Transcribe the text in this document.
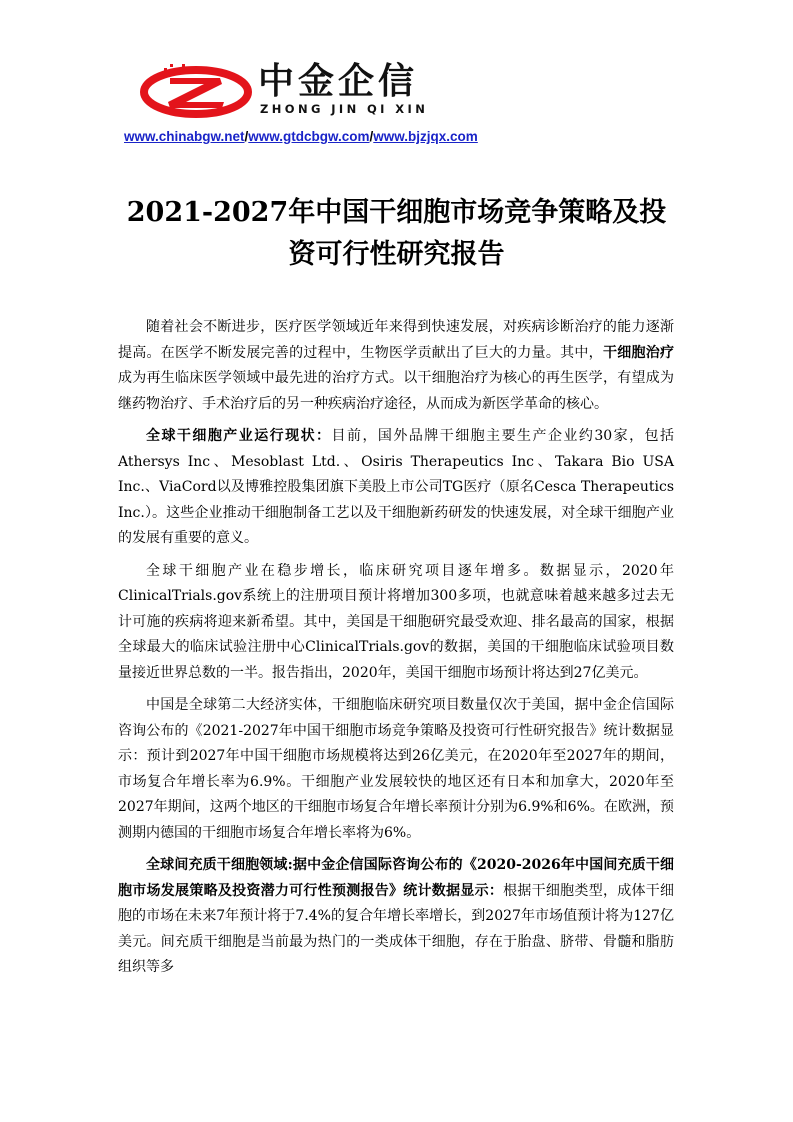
中金企信
ZHONG JIN QI XIN
www.chinabgw.net/www.gtdcbgw.com/www.bjzjqx.com
2021-2027年中国干细胞市场竞争策略及投
资可行性研究报告

随着社会不断进步，医疗医学领域近年来得到快速发展，对疾病诊断治疗的能力逐渐提高。在医学不断发展完善的过程中，生物医学贡献出了巨大的力量。其中，干细胞治疗成为再生临床医学领域中最先进的治疗方式。以干细胞治疗为核心的再生医学，有望成为继药物治疗、手术治疗后的另一种疾病治疗途径，从而成为新医学革命的核心。

全球干细胞产业运行现状：目前，国外品牌干细胞主要生产企业约30家，包括Athersys Inc、Mesoblast Ltd.、Osiris Therapeutics Inc、Takara Bio USA Inc.、ViaCord以及博雅控股集团旗下美股上市公司TG医疗（原名Cesca Therapeutics Inc.）。这些企业推动干细胞制备工艺以及干细胞新药研发的快速发展，对全球干细胞产业的发展有重要的意义。

全球干细胞产业在稳步增长，临床研究项目逐年增多。数据显示，2020年ClinicalTrials.gov系统上的注册项目预计将增加300多项，也就意味着越来越多过去无计可施的疾病将迎来新希望。其中，美国是干细胞研究最受欢迎、排名最高的国家，根据全球最大的临床试验注册中心ClinicalTrials.gov的数据，美国的干细胞临床试验项目数量接近世界总数的一半。报告指出，2020年，美国干细胞市场预计将达到27亿美元。

中国是全球第二大经济实体，干细胞临床研究项目数量仅次于美国，据中金企信国际咨询公布的《2021-2027年中国干细胞市场竞争策略及投资可行性研究报告》统计数据显示：预计到2027年中国干细胞市场规模将达到26亿美元，在2020年至2027年的期间，市场复合年增长率为6.9%。干细胞产业发展较快的地区还有日本和加拿大，2020年至2027年期间，这两个地区的干细胞市场复合年增长率预计分别为6.9%和6%。在欧洲，预测期内德国的干细胞市场复合年增长率将为6%。

全球间充质干细胞领域:据中金企信国际咨询公布的《2020-2026年中国间充质干细胞市场发展策略及投资潜力可行性预测报告》统计数据显示：根据干细胞类型，成体干细胞的市场在未来7年预计将于7.4%的复合年增长率增长，到2027年市场值预计将为127亿美元。间充质干细胞是当前最为热门的一类成体干细胞，存在于胎盘、脐带、骨髓和脂肪组织等多
